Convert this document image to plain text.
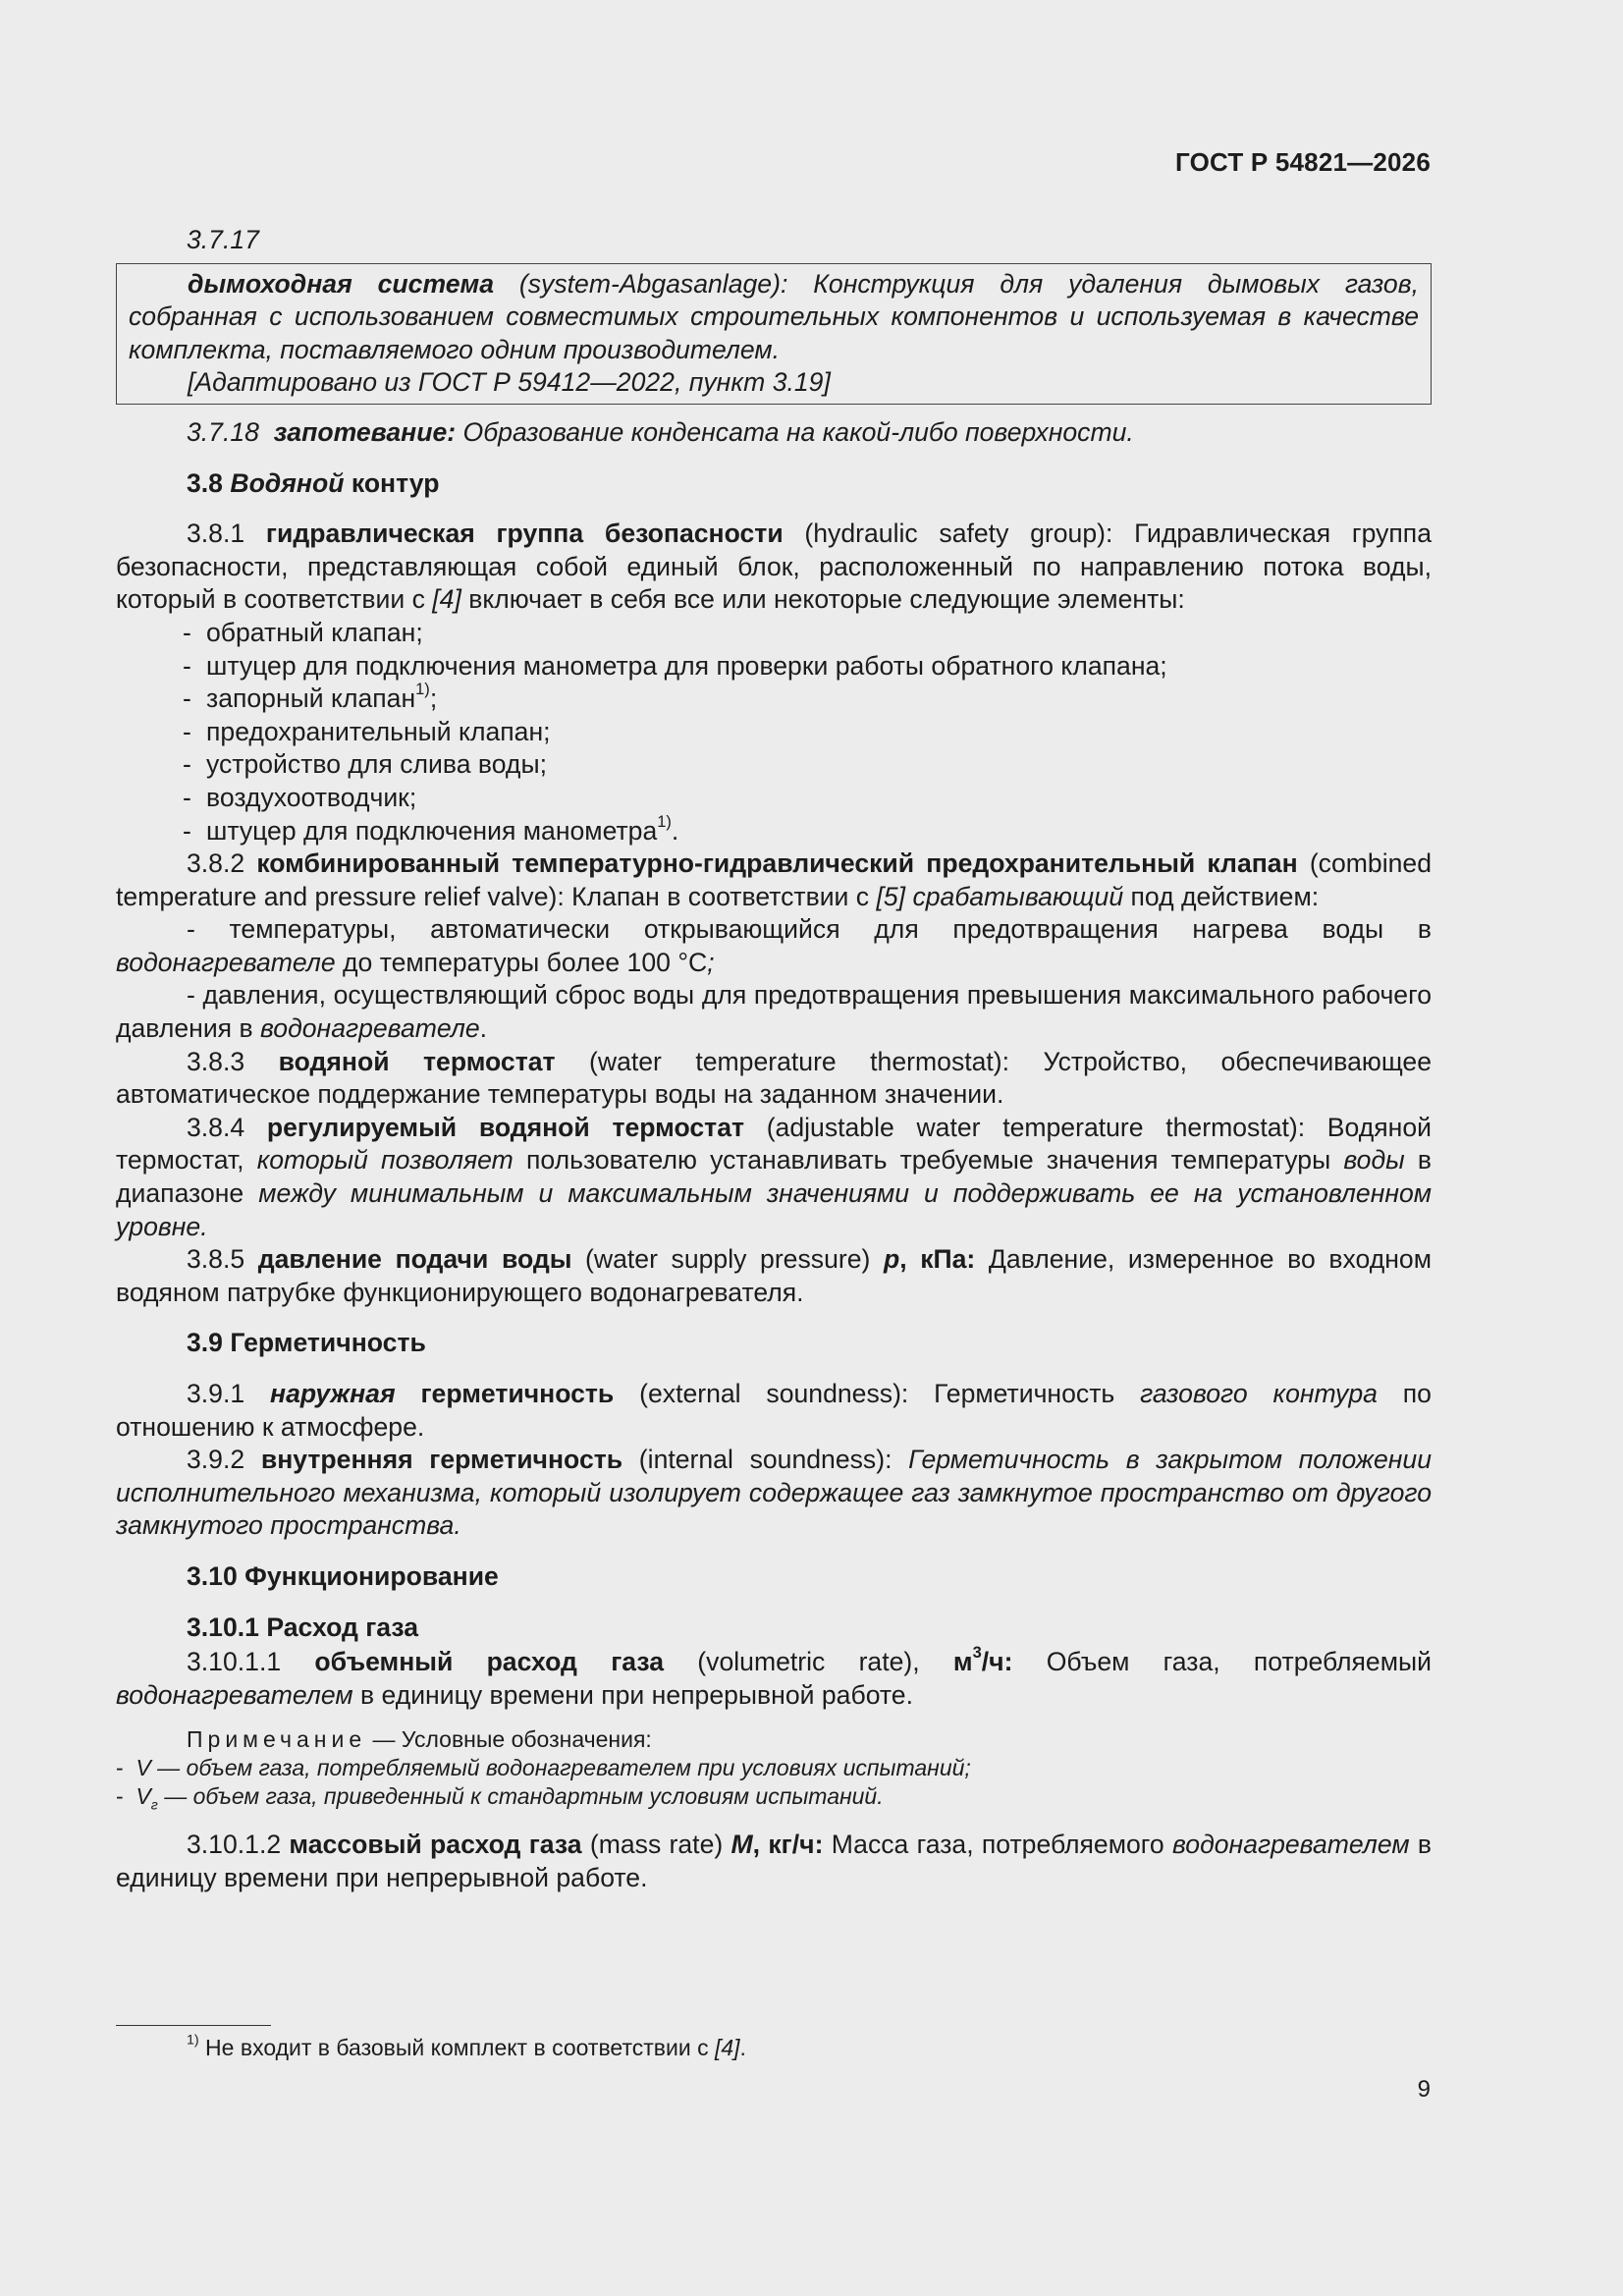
ГОСТ Р 54821—2026

3.7.17

дымоходная система (system-Abgasanlage): Конструкция для удаления дымовых газов, собранная с использованием совместимых строительных компонентов и используемая в качестве комплекта, поставляемого одним производителем.

[Адаптировано из ГОСТ Р 59412—2022, пункт 3.19]

3.7.18 запотевание: Образование конденсата на какой-либо поверхности.

3.8 Водяной контур

3.8.1 гидравлическая группа безопасности (hydraulic safety group): Гидравлическая группа безопасности, представляющая собой единый блок, расположенный по направлению потока воды, который в соответствии с [4] включает в себя все или некоторые следующие элементы:

- обратный клапан;
- штуцер для подключения манометра для проверки работы обратного клапана;
- запорный клапан$^{1)}$;
- предохранительный клапан;
- устройство для слива воды;
- воздухоотводчик;
- штуцер для подключения манометра$^{1)}$.

3.8.2 комбинированный температурно-гидравлический предохранительный клапан (combined temperature and pressure relief valve): Клапан в соответствии с [5] срабатывающий под действием:

- температуры, автоматически открывающийся для предотвращения нагрева воды в водонагревателе до температуры более 100 °C;

- давления, осуществляющий сброс воды для предотвращения превышения максимального рабочего давления в водонагревателе.

3.8.3 водяной термостат (water temperature thermostat): Устройство, обеспечивающее автоматическое поддержание температуры воды на заданном значении.

3.8.4 регулируемый водяной термостат (adjustable water temperature thermostat): Водяной термостат, который позволяет пользователю устанавливать требуемые значения температуры воды в диапазоне между минимальным и максимальным значениями и поддерживать ее на установленном уровне.

3.8.5 давление подачи воды (water supply pressure) p, кПа: Давление, измеренное во входном водяном патрубке функционирующего водонагревателя.

3.9 Герметичность

3.9.1 наружная герметичность (external soundness): Герметичность газового контура по отношению к атмосфере.

3.9.2 внутренняя герметичность (internal soundness): Герметичность в закрытом положении исполнительного механизма, который изолирует содержащее газ замкнутое пространство от другого замкнутого пространства.

3.10 Функционирование

3.10.1 Расход газа

3.10.1.1 объемный расход газа (volumetric rate), $м^3/ч$: Объем газа, потребляемый водонагревателем в единицу времени при непрерывной работе.

Примечание — Условные обозначения:

-  V — объем газа, потребляемый водонагревателем при условиях испытаний;

-  $V_г$ — объем газа, приведенный к стандартным условиям испытаний.

3.10.1.2 массовый расход газа (mass rate) M, кг/ч: Масса газа, потребляемого водонагревателем в единицу времени при непрерывной работе.

$^{1)}$ Не входит в базовый комплект в соответствии с [4].
9
